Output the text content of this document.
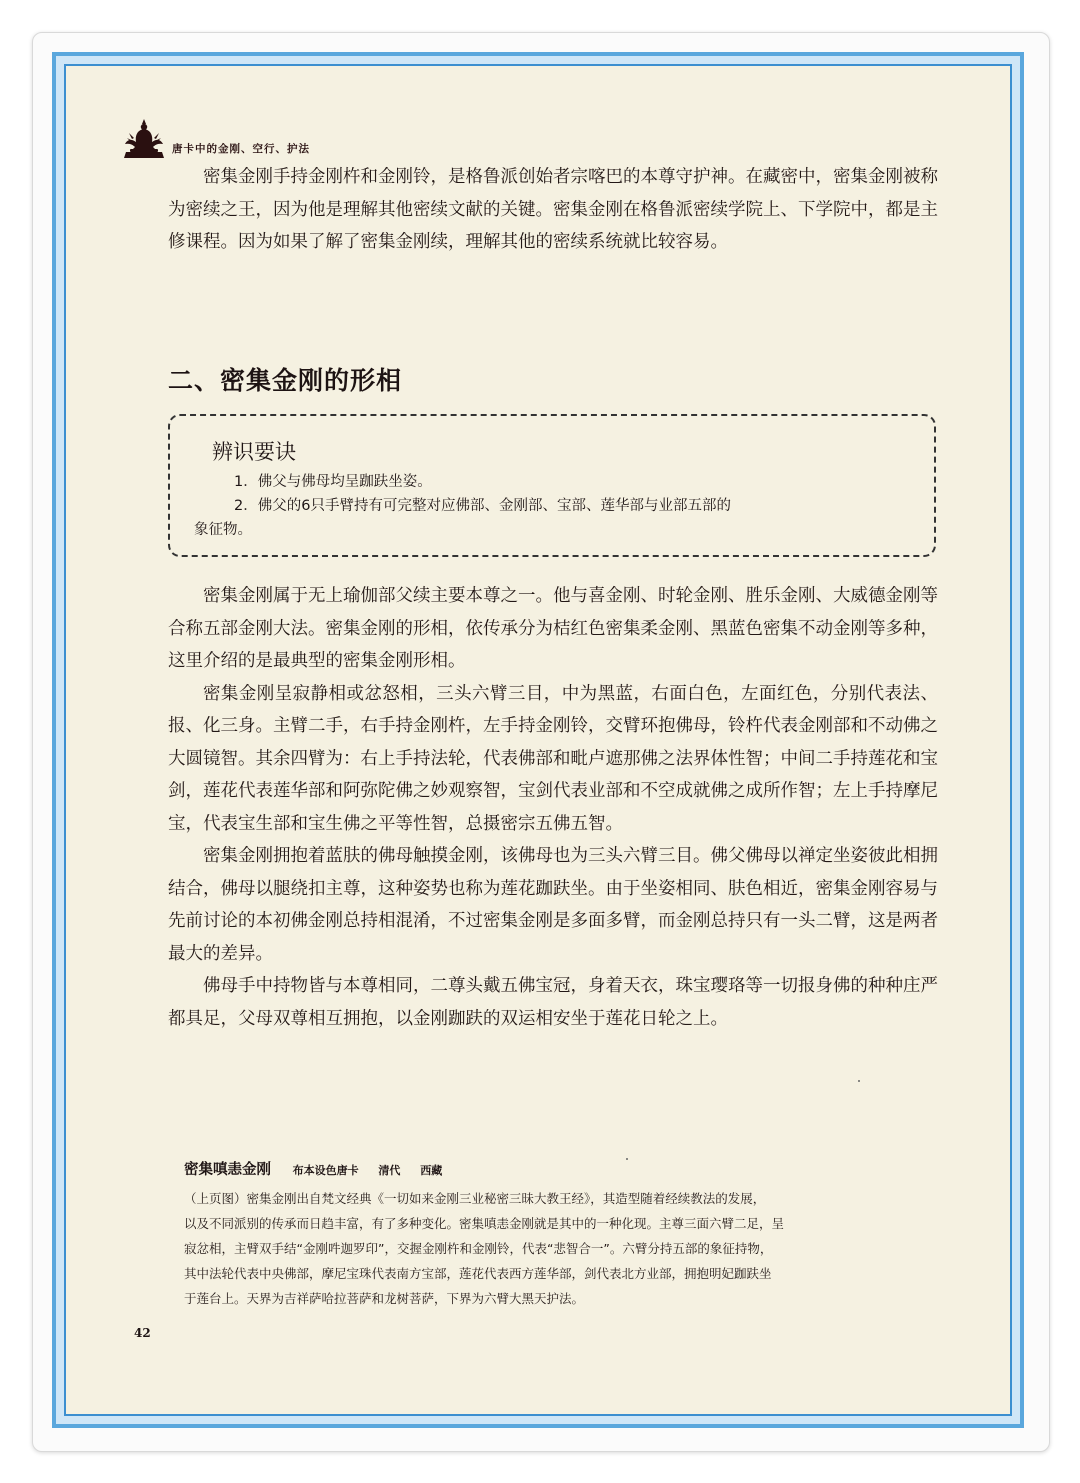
唐卡中的金刚、空行、护法

密集金刚手持金刚杵和金刚铃，是格鲁派创始者宗喀巴的本尊守护神。在藏密中，密集金刚被称为密续之王，因为他是理解其他密续文献的关键。密集金刚在格鲁派密续学院上、下学院中，都是主修课程。因为如果了解了密集金刚续，理解其他的密续系统就比较容易。

二、密集金刚的形相
辨识要诀

1．佛父与佛母均呈跏趺坐姿。

2．佛父的6只手臂持有可完整对应佛部、金刚部、宝部、莲华部与业部五部的

象征物。

密集金刚属于无上瑜伽部父续主要本尊之一。他与喜金刚、时轮金刚、胜乐金刚、大威德金刚等合称五部金刚大法。密集金刚的形相，依传承分为桔红色密集柔金刚、黑蓝色密集不动金刚等多种，这里介绍的是最典型的密集金刚形相。

密集金刚呈寂静相或忿怒相，三头六臂三目，中为黑蓝，右面白色，左面红色，分别代表法、报、化三身。主臂二手，右手持金刚杵，左手持金刚铃，交臂环抱佛母，铃杵代表金刚部和不动佛之大圆镜智。其余四臂为：右上手持法轮，代表佛部和毗卢遮那佛之法界体性智；中间二手持莲花和宝剑，莲花代表莲华部和阿弥陀佛之妙观察智，宝剑代表业部和不空成就佛之成所作智；左上手持摩尼宝，代表宝生部和宝生佛之平等性智，总摄密宗五佛五智。

密集金刚拥抱着蓝肤的佛母触摸金刚，该佛母也为三头六臂三目。佛父佛母以禅定坐姿彼此相拥结合，佛母以腿绕扣主尊，这种姿势也称为莲花跏趺坐。由于坐姿相同、肤色相近，密集金刚容易与先前讨论的本初佛金刚总持相混淆，不过密集金刚是多面多臂，而金刚总持只有一头二臂，这是两者最大的差异。

佛母手中持物皆与本尊相同，二尊头戴五佛宝冠，身着天衣，珠宝璎珞等一切报身佛的种种庄严都具足，父母双尊相互拥抱，以金刚跏趺的双运相安坐于莲花日轮之上。

密集嗔恚金刚 布本设色唐卡 清代 西藏

（上页图）密集金刚出自梵文经典《一切如来金刚三业秘密三昧大教王经》，其造型随着经续教法的发展，

以及不同派别的传承而日趋丰富，有了多种变化。密集嗔恚金刚就是其中的一种化现。主尊三面六臂二足，呈

寂忿相，主臂双手结“金刚吽迦罗印”，交握金刚杵和金刚铃，代表“悲智合一”。六臂分持五部的象征持物，

其中法轮代表中央佛部，摩尼宝珠代表南方宝部，莲花代表西方莲华部，剑代表北方业部，拥抱明妃跏趺坐

于莲台上。天界为吉祥萨哈拉菩萨和龙树菩萨，下界为六臂大黑天护法。

42
